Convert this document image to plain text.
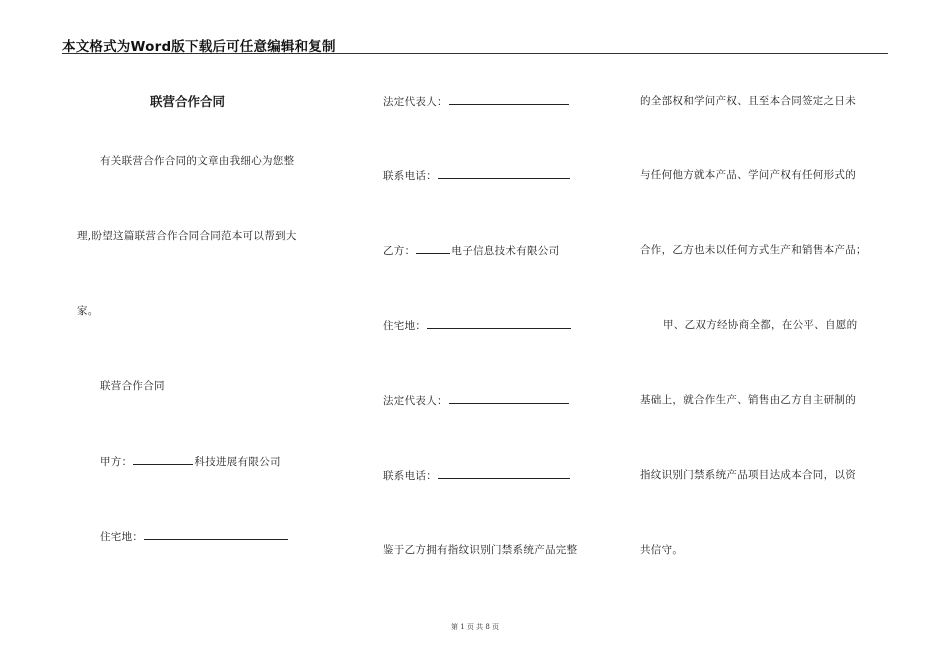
本文格式为Word版下载后可任意编辑和复制
联营合作合同
有关联营合作合同的文章由我细心为您整
理,盼望这篇联营合作合同合同范本可以帮到大
家。
联营合作合同
甲方：	科技进展有限公司
住宅地：
法定代表人：
联系电话：
乙方：	电子信息技术有限公司
住宅地：
法定代表人：
联系电话：
鉴于乙方拥有指纹识别门禁系统产品完整
的全部权和学问产权、且至本合同签定之日未
与任何他方就本产品、学问产权有任何形式的
合作，乙方也未以任何方式生产和销售本产品；
甲、乙双方经协商全都，在公平、自愿的
基础上，就合作生产、销售由乙方自主研制的
指纹识别门禁系统产品项目达成本合同，以资
共信守。
第 1 页 共 8 页
